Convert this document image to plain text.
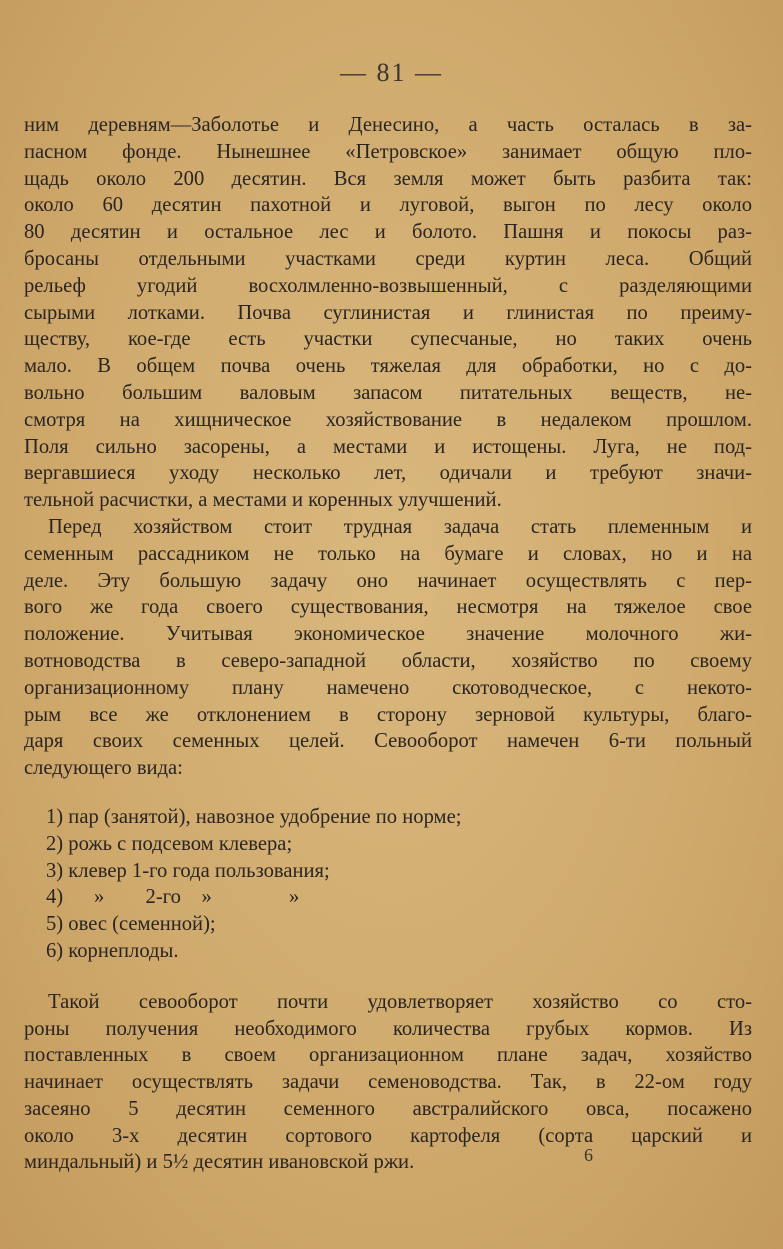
— 81 —
ним деревням—Заболотье и Денесино, а часть осталась в за-
пасном фонде. Нынешнее «Петровское» занимает общую пло-
щадь около 200 десятин. Вся земля может быть разбита так:
около 60 десятин пахотной и луговой, выгон по лесу около
80 десятин и остальное лес и болото. Пашня и покосы раз-
бросаны отдельными участками среди куртин леса. Общий
рельеф угодий восхолмленно-возвышенный, с разделяющими
сырыми лотками. Почва суглинистая и глинистая по преиму-
ществу, кое-где есть участки супесчаные, но таких очень
мало. В общем почва очень тяжелая для обработки, но с до-
вольно большим валовым запасом питательных веществ, не-
смотря на хищническое хозяйствование в недалеком прошлом.
Поля сильно засорены, а местами и истощены. Луга, не под-
вергавшиеся уходу несколько лет, одичали и требуют значи-
тельной расчистки, а местами и коренных улучшений.
Перед хозяйством стоит трудная задача стать племенным и
семенным рассадником не только на бумаге и словах, но и на
деле. Эту большую задачу оно начинает осуществлять с пер-
вого же года своего существования, несмотря на тяжелое свое
положение. Учитывая экономическое значение молочного жи-
вотноводства в северо-западной области, хозяйство по своему
организационному плану намечено скотоводческое, с некото-
рым все же отклонением в сторону зерновой культуры, благо-
даря своих семенных целей. Севооборот намечен 6-ти польный
следующего вида:
1) пар (занятой), навозное удобрение по норме;
2) рожь с подсевом клевера;
3) клевер 1-го года пользования;
4)      »        2-го    »               »
5) овес (семенной);
6) корнеплоды.
Такой севооборот почти удовлетворяет хозяйство со сто-
роны получения необходимого количества грубых кормов. Из
поставленных в своем организационном плане задач, хозяйство
начинает осуществлять задачи семеноводства. Так, в 22-ом году
засеяно 5 десятин семенного австралийского овса, посажено
около 3-х десятин сортового картофеля (сорта царский и
миндальный) и 5½ десятин ивановской ржи.	6
